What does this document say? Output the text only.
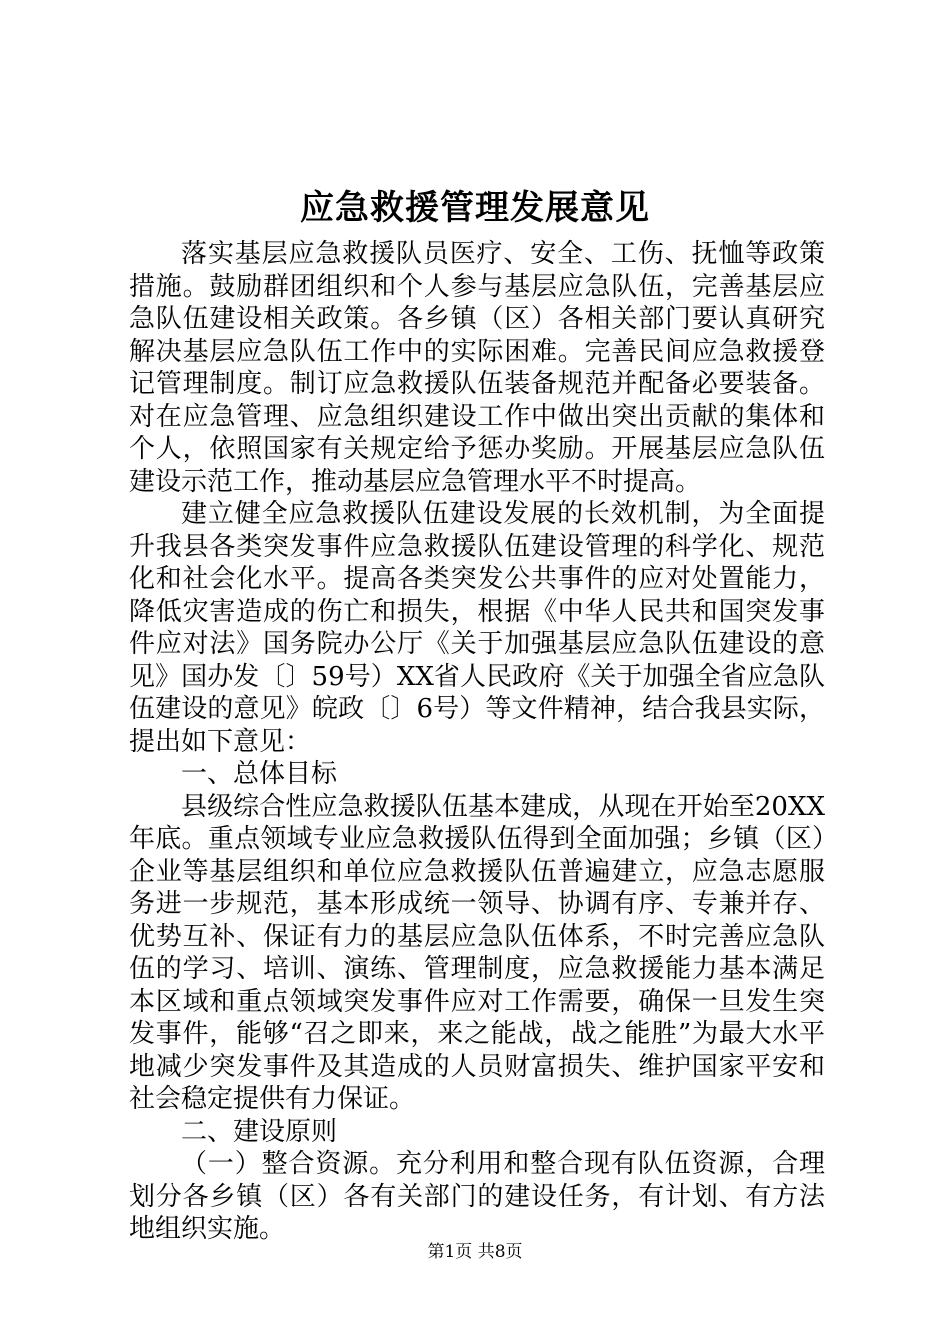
应急救援管理发展意见

落实基层应急救援队员医疗、安全、工伤、抚恤等政策措施。鼓励群团组织和个人参与基层应急队伍，完善基层应急队伍建设相关政策。各乡镇（区）各相关部门要认真研究解决基层应急队伍工作中的实际困难。完善民间应急救援登记管理制度。制订应急救援队伍装备规范并配备必要装备。对在应急管理、应急组织建设工作中做出突出贡献的集体和个人，依照国家有关规定给予惩办奖励。开展基层应急队伍建设示范工作，推动基层应急管理水平不时提高。

建立健全应急救援队伍建设发展的长效机制，为全面提升我县各类突发事件应急救援队伍建设管理的科学化、规范化和社会化水平。提高各类突发公共事件的应对处置能力，降低灾害造成的伤亡和损失，根据《中华人民共和国突发事件应对法》国务院办公厅《关于加强基层应急队伍建设的意见》国办发〔〕59号）XX省人民政府《关于加强全省应急队伍建设的意见》皖政〔〕6号）等文件精神，结合我县实际，提出如下意见：

一、总体目标

县级综合性应急救援队伍基本建成，从现在开始至20XX年底。重点领域专业应急救援队伍得到全面加强；乡镇（区）企业等基层组织和单位应急救援队伍普遍建立，应急志愿服务进一步规范，基本形成统一领导、协调有序、专兼并存、优势互补、保证有力的基层应急队伍体系，不时完善应急队伍的学习、培训、演练、管理制度，应急救援能力基本满足本区域和重点领域突发事件应对工作需要，确保一旦发生突发事件，能够“召之即来，来之能战，战之能胜”为最大水平地减少突发事件及其造成的人员财富损失、维护国家平安和社会稳定提供有力保证。

二、建设原则

（一）整合资源。充分利用和整合现有队伍资源，合理划分各乡镇（区）各有关部门的建设任务，有计划、有方法地组织实施。

第1页 共8页
